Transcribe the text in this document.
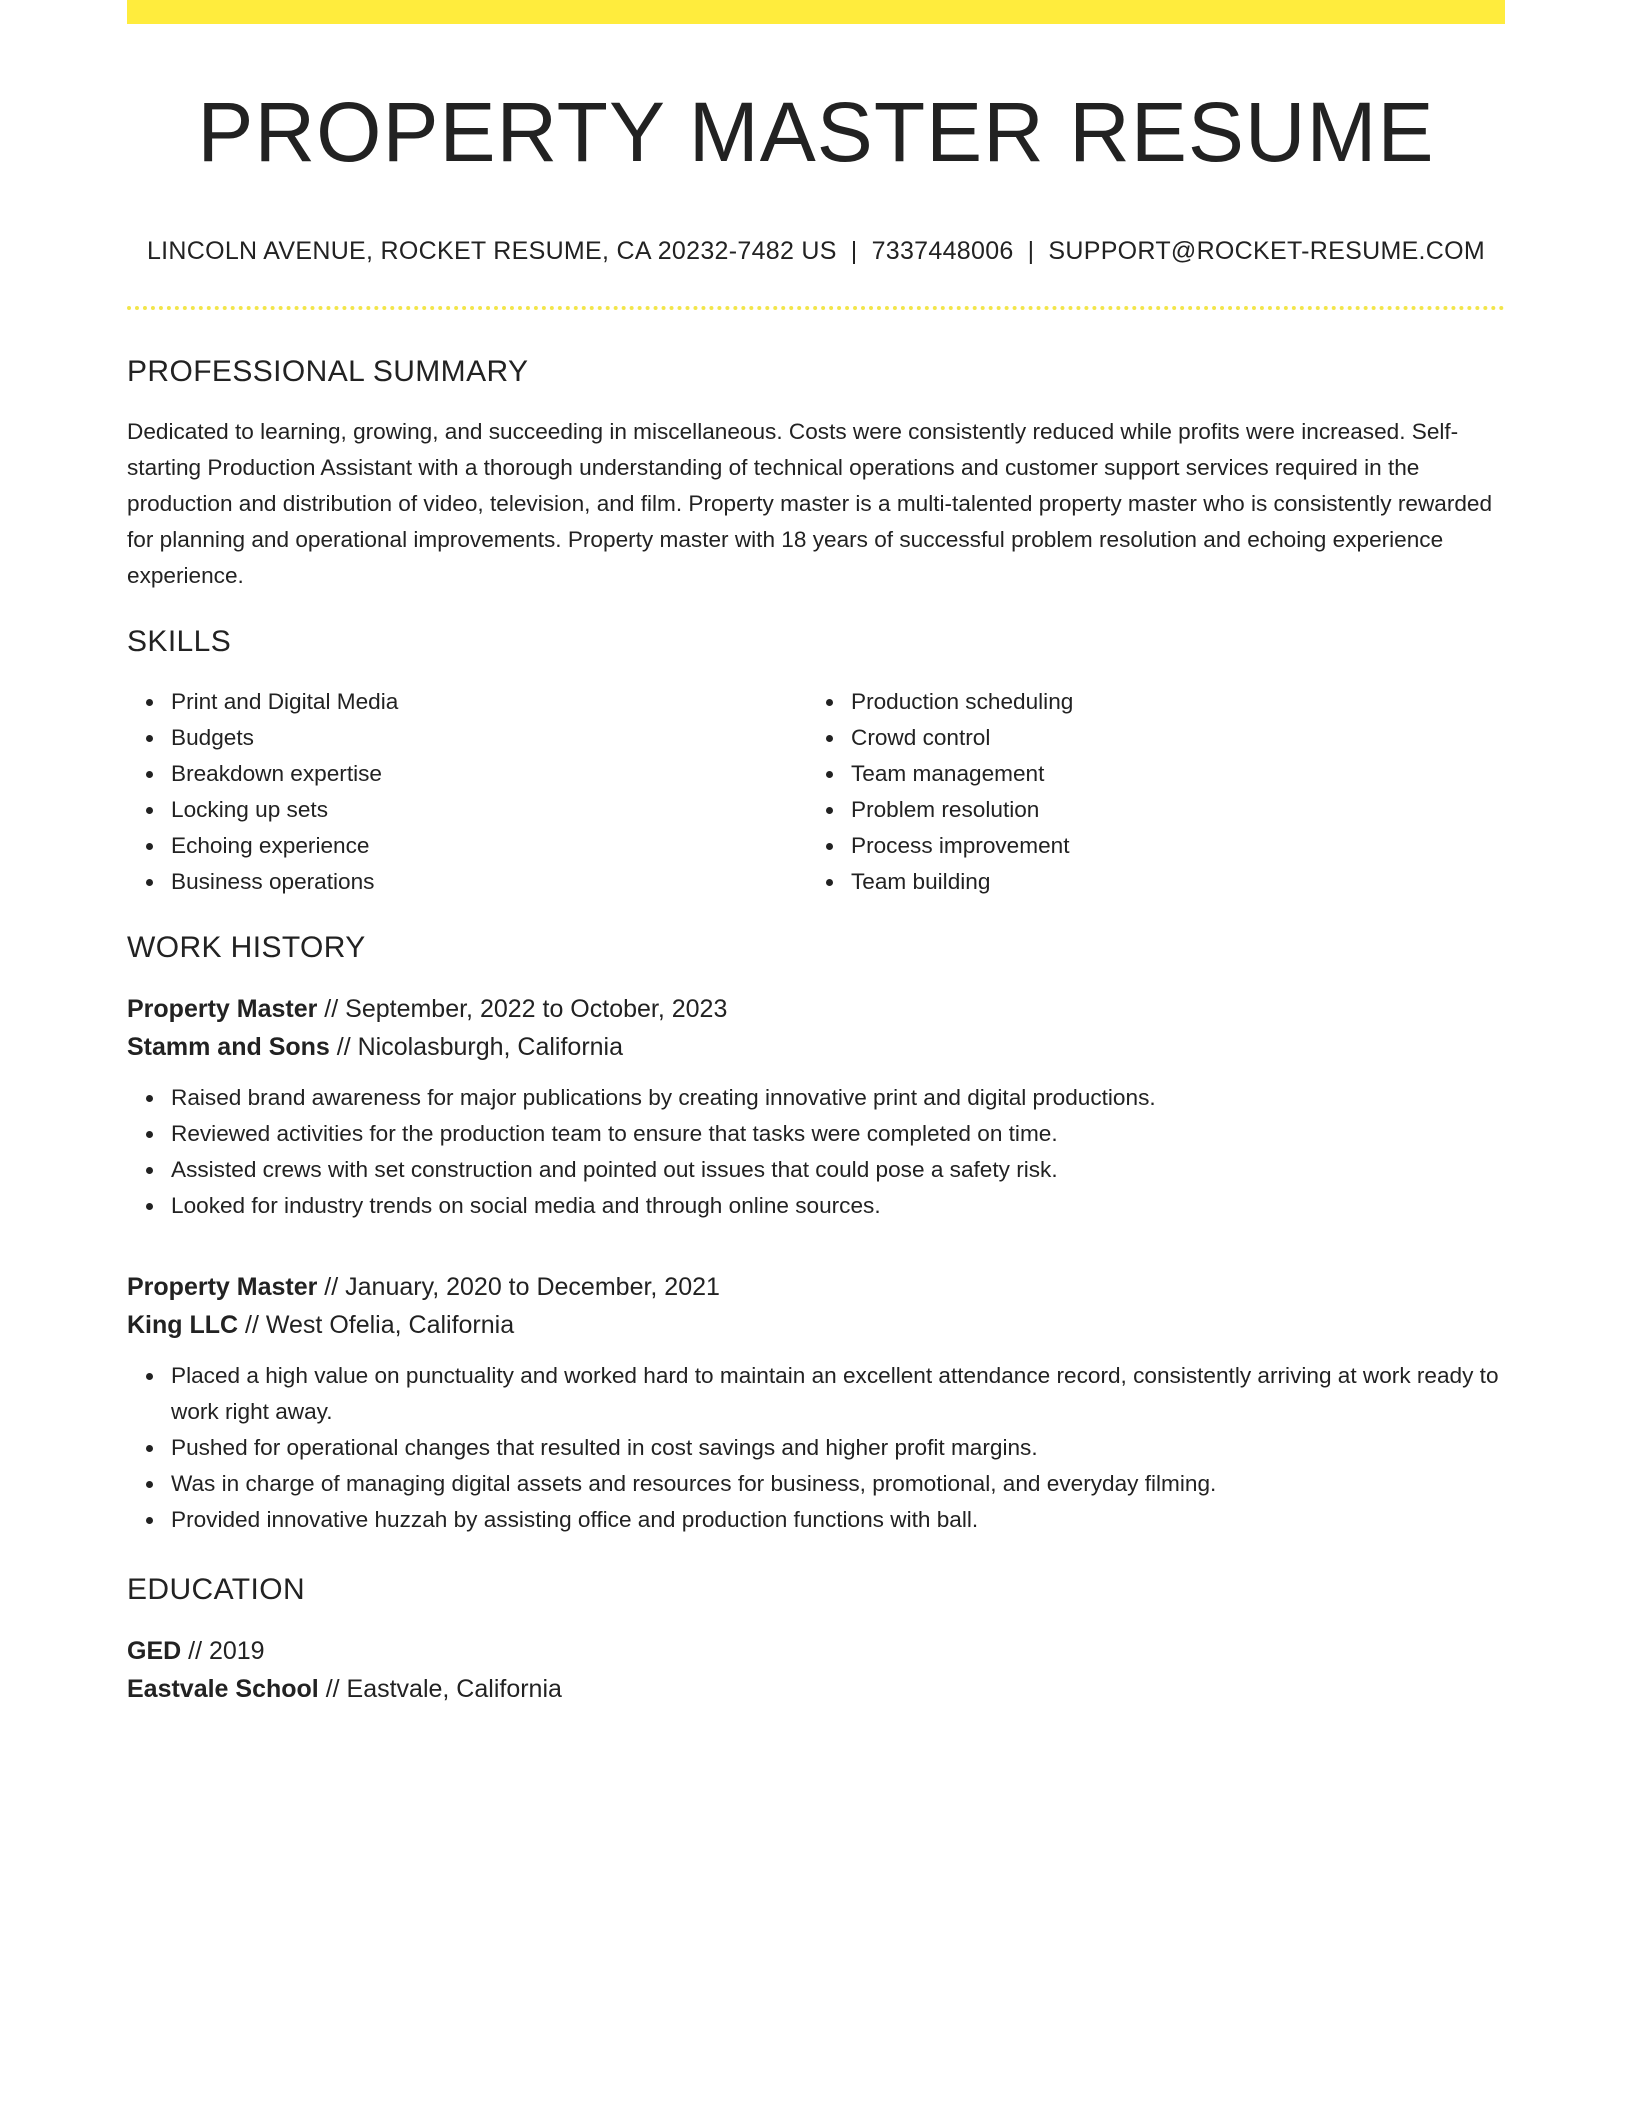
PROPERTY MASTER RESUME
LINCOLN AVENUE, ROCKET RESUME, CA 20232-7482 US | 7337448006 | SUPPORT@ROCKET-RESUME.COM
PROFESSIONAL SUMMARY
Dedicated to learning, growing, and succeeding in miscellaneous. Costs were consistently reduced while profits were increased. Self-starting Production Assistant with a thorough understanding of technical operations and customer support services required in the production and distribution of video, television, and film. Property master is a multi-talented property master who is consistently rewarded for planning and operational improvements. Property master with 18 years of successful problem resolution and echoing experience experience.
SKILLS
Print and Digital Media
Budgets
Breakdown expertise
Locking up sets
Echoing experience
Business operations
Production scheduling
Crowd control
Team management
Problem resolution
Process improvement
Team building
WORK HISTORY
Property Master // September, 2022 to October, 2023
Stamm and Sons // Nicolasburgh, California
Raised brand awareness for major publications by creating innovative print and digital productions.
Reviewed activities for the production team to ensure that tasks were completed on time.
Assisted crews with set construction and pointed out issues that could pose a safety risk.
Looked for industry trends on social media and through online sources.
Property Master // January, 2020 to December, 2021
King LLC // West Ofelia, California
Placed a high value on punctuality and worked hard to maintain an excellent attendance record, consistently arriving at work ready to work right away.
Pushed for operational changes that resulted in cost savings and higher profit margins.
Was in charge of managing digital assets and resources for business, promotional, and everyday filming.
Provided innovative huzzah by assisting office and production functions with ball.
EDUCATION
GED // 2019
Eastvale School // Eastvale, California
